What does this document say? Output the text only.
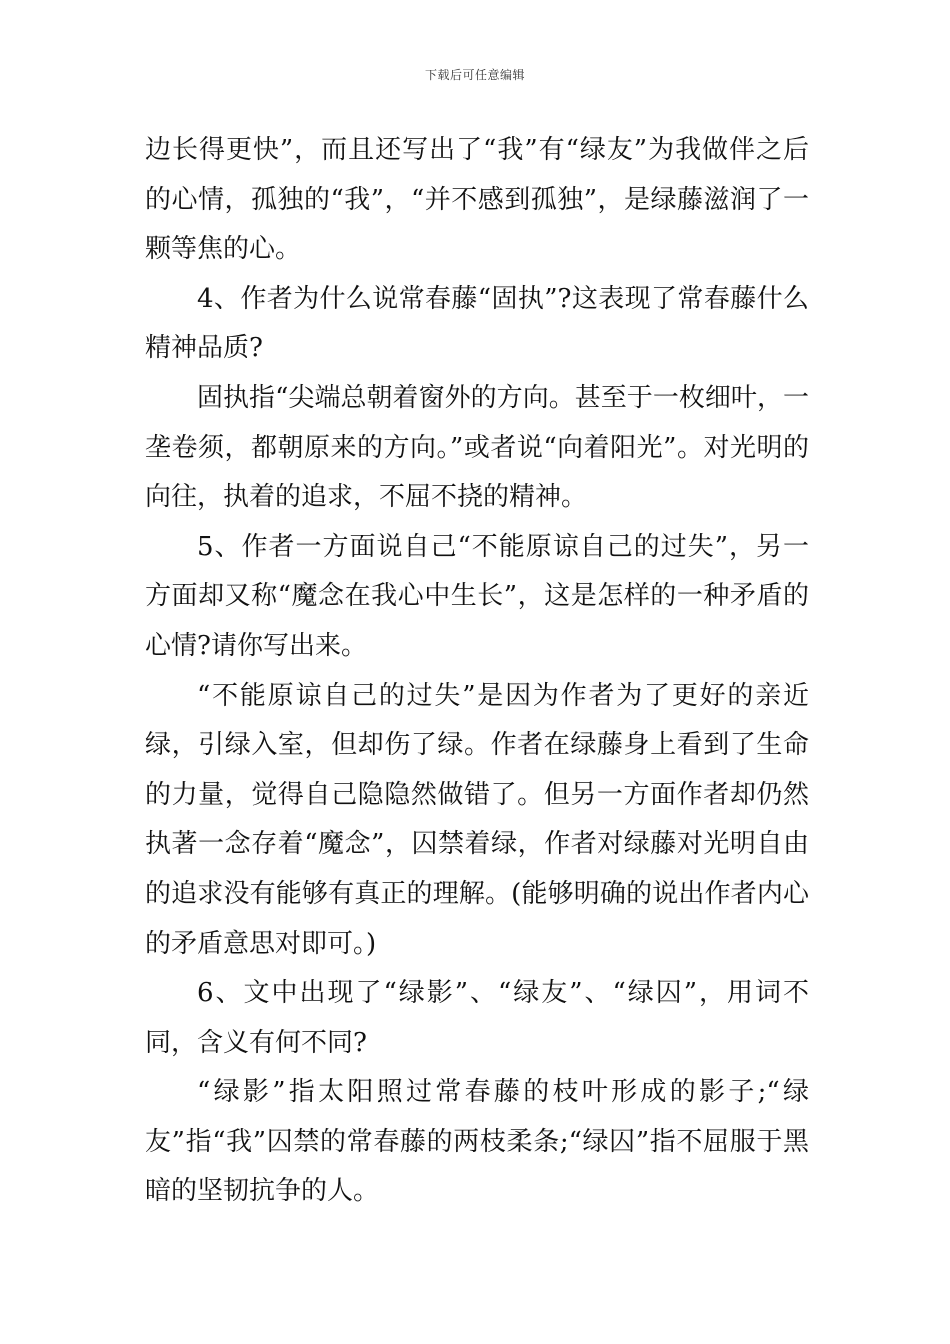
下载后可任意编辑

边长得更快”，而且还写出了“我”有“绿友”为我做伴之后的心情，孤独的“我”，“并不感到孤独”，是绿藤滋润了一颗等焦的心。

4、作者为什么说常春藤“固执”?这表现了常春藤什么精神品质?

固执指“尖端总朝着窗外的方向。甚至于一枚细叶，一垄卷须，都朝原来的方向。”或者说“向着阳光”。对光明的向往，执着的追求，不屈不挠的精神。

5、作者一方面说自己“不能原谅自己的过失”，另一方面却又称“魔念在我心中生长”，这是怎样的一种矛盾的心情?请你写出来。

“不能原谅自己的过失”是因为作者为了更好的亲近绿，引绿入室，但却伤了绿。作者在绿藤身上看到了生命的力量，觉得自己隐隐然做错了。但另一方面作者却仍然执著一念存着“魔念”，囚禁着绿，作者对绿藤对光明自由的追求没有能够有真正的理解。(能够明确的说出作者内心的矛盾意思对即可。)

6、文中出现了“绿影”、“绿友”、“绿囚”，用词不同，含义有何不同?

“绿影”指太阳照过常春藤的枝叶形成的影子;“绿友”指“我”囚禁的常春藤的两枝柔条;“绿囚”指不屈服于黑暗的坚韧抗争的人。
